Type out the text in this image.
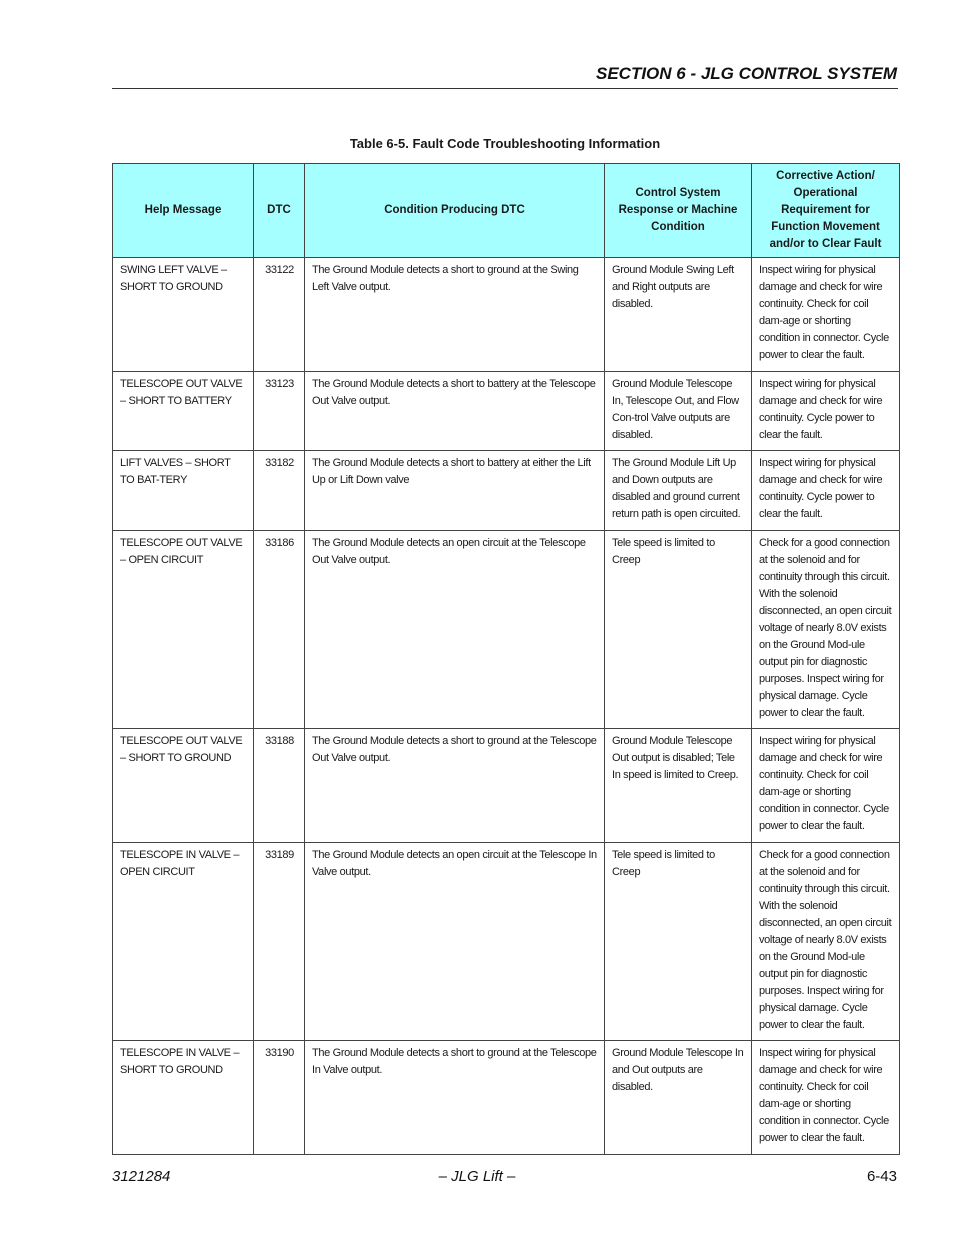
SECTION 6 - JLG CONTROL SYSTEM
Table 6-5. Fault Code Troubleshooting Information
Help Message	DTC	Condition Producing DTC	Control System Response or Machine Condition	Corrective Action/ Operational Requirement for Function Movement and/or to Clear Fault
SWING LEFT VALVE – SHORT TO GROUND	33122	The Ground Module detects a short to ground at the Swing Left Valve output.	Ground Module Swing Left and Right outputs are disabled.	Inspect wiring for physical damage and check for wire continuity. Check for coil dam-age or shorting condition in connector. Cycle power to clear the fault.
TELESCOPE OUT VALVE – SHORT TO BATTERY	33123	The Ground Module detects a short to battery at the Telescope Out Valve output.	Ground Module Telescope In, Telescope Out, and Flow Con-trol Valve outputs are disabled.	Inspect wiring for physical damage and check for wire continuity. Cycle power to clear the fault.
LIFT VALVES – SHORT TO BAT-TERY	33182	The Ground Module detects a short to battery at either the Lift Up or Lift Down valve	The Ground Module Lift Up and Down outputs are disabled and ground current return path is open circuited.	Inspect wiring for physical damage and check for wire continuity. Cycle power to clear the fault.
TELESCOPE OUT VALVE – OPEN CIRCUIT	33186	The Ground Module detects an open circuit at the Telescope Out Valve output.	Tele speed is limited to Creep	Check for a good connection at the solenoid and for continuity through this circuit. With the solenoid disconnected, an open circuit voltage of nearly 8.0V exists on the Ground Mod-ule output pin for diagnostic purposes. Inspect wiring for physical damage. Cycle power to clear the fault.
TELESCOPE OUT VALVE – SHORT TO GROUND	33188	The Ground Module detects a short to ground at the Telescope Out Valve output.	Ground Module Telescope Out output is disabled; Tele In speed is limited to Creep.	Inspect wiring for physical damage and check for wire continuity. Check for coil dam-age or shorting condition in connector. Cycle power to clear the fault.
TELESCOPE IN VALVE – OPEN CIRCUIT	33189	The Ground Module detects an open circuit at the Telescope In Valve output.	Tele speed is limited to Creep	Check for a good connection at the solenoid and for continuity through this circuit. With the solenoid disconnected, an open circuit voltage of nearly 8.0V exists on the Ground Mod-ule output pin for diagnostic purposes. Inspect wiring for physical damage. Cycle power to clear the fault.
TELESCOPE IN VALVE – SHORT TO GROUND	33190	The Ground Module detects a short to ground at the Telescope In Valve output.	Ground Module Telescope In and Out outputs are disabled.	Inspect wiring for physical damage and check for wire continuity. Check for coil dam-age or shorting condition in connector. Cycle power to clear the fault.
– JLG Lift –
3121284	6-43
